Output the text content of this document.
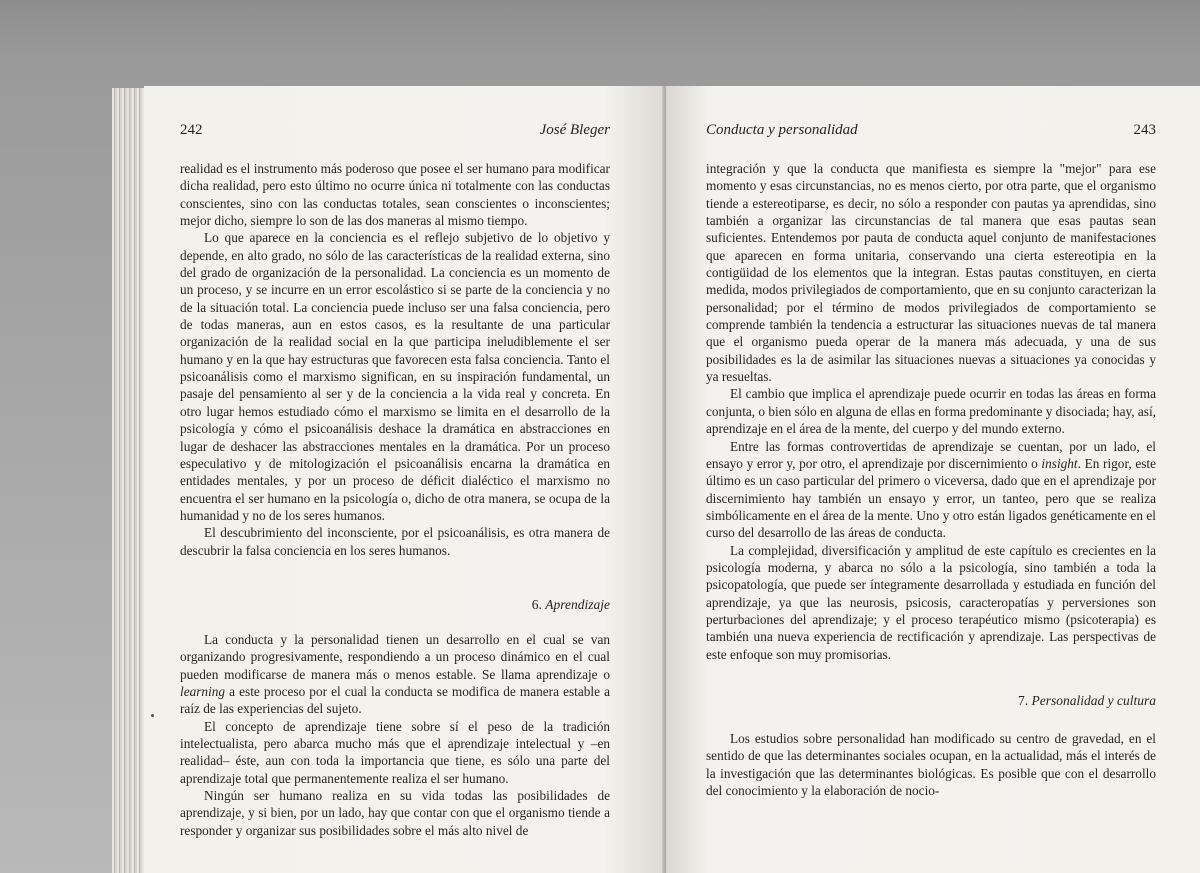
242	José Bleger

realidad es el instrumento más poderoso que posee el ser humano para modificar dicha realidad, pero esto último no ocurre única ni totalmente con las conductas conscientes, sino con las conductas totales, sean conscientes o inconscientes; mejor dicho, siempre lo son de las dos maneras al mismo tiempo.

Lo que aparece en la conciencia es el reflejo subjetivo de lo objetivo y depende, en alto grado, no sólo de las características de la realidad externa, sino del grado de organización de la personalidad. La conciencia es un momento de un proceso, y se incurre en un error escolástico si se parte de la conciencia y no de la situación total. La conciencia puede incluso ser una falsa conciencia, pero de todas maneras, aun en estos casos, es la resultante de una particular organización de la realidad social en la que participa ineludiblemente el ser humano y en la que hay estructuras que favorecen esta falsa conciencia. Tanto el psicoanálisis como el marxismo significan, en su inspiración fundamental, un pasaje del pensamiento al ser y de la conciencia a la vida real y concreta. En otro lugar hemos estudiado cómo el marxismo se limita en el desarrollo de la psicología y cómo el psicoanálisis deshace la dramática en abstracciones en lugar de deshacer las abstracciones mentales en la dramática. Por un proceso especulativo y de mitologización el psicoanálisis encarna la dramática en entidades mentales, y por un proceso de déficit dialéctico el marxismo no encuentra el ser humano en la psicología o, dicho de otra manera, se ocupa de la humanidad y no de los seres humanos.

El descubrimiento del inconsciente, por el psicoanálisis, es otra manera de descubrir la falsa conciencia en los seres humanos.

6. Aprendizaje

La conducta y la personalidad tienen un desarrollo en el cual se van organizando progresivamente, respondiendo a un proceso dinámico en el cual pueden modificarse de manera más o menos estable. Se llama aprendizaje o learning a este proceso por el cual la conducta se modifica de manera estable a raíz de las experiencias del sujeto.

El concepto de aprendizaje tiene sobre sí el peso de la tradición intelectualista, pero abarca mucho más que el aprendizaje intelectual y –en realidad– éste, aun con toda la importancia que tiene, es sólo una parte del aprendizaje total que permanentemente realiza el ser humano.

Ningún ser humano realiza en su vida todas las posibilidades de aprendizaje, y si bien, por un lado, hay que contar con que el organismo tiende a responder y organizar sus posibilidades sobre el más alto nivel de

Conducta y personalidad	243

integración y que la conducta que manifiesta es siempre la "mejor" para ese momento y esas circunstancias, no es menos cierto, por otra parte, que el organismo tiende a estereotiparse, es decir, no sólo a responder con pautas ya aprendidas, sino también a organizar las circunstancias de tal manera que esas pautas sean suficientes. Entendemos por pauta de conducta aquel conjunto de manifestaciones que aparecen en forma unitaria, conservando una cierta estereotipia en la contigüidad de los elementos que la integran. Estas pautas constituyen, en cierta medida, modos privilegiados de comportamiento, que en su conjunto caracterizan la personalidad; por el término de modos privilegiados de comportamiento se comprende también la tendencia a estructurar las situaciones nuevas de tal manera que el organismo pueda operar de la manera más adecuada, y una de sus posibilidades es la de asimilar las situaciones nuevas a situaciones ya conocidas y ya resueltas.

El cambio que implica el aprendizaje puede ocurrir en todas las áreas en forma conjunta, o bien sólo en alguna de ellas en forma predominante y disociada; hay, así, aprendizaje en el área de la mente, del cuerpo y del mundo externo.

Entre las formas controvertidas de aprendizaje se cuentan, por un lado, el ensayo y error y, por otro, el aprendizaje por discernimiento o insight. En rigor, este último es un caso particular del primero o viceversa, dado que en el aprendizaje por discernimiento hay también un ensayo y error, un tanteo, pero que se realiza simbólicamente en el área de la mente. Uno y otro están ligados genéticamente en el curso del desarrollo de las áreas de conducta.

La complejidad, diversificación y amplitud de este capítulo es crecientes en la psicología moderna, y abarca no sólo a la psicología, sino también a toda la psicopatología, que puede ser íntegramente desarrollada y estudiada en función del aprendizaje, ya que las neurosis, psicosis, caracteropatías y perversiones son perturbaciones del aprendizaje; y el proceso terapéutico mismo (psicoterapia) es también una nueva experiencia de rectificación y aprendizaje. Las perspectivas de este enfoque son muy promisorias.

7. Personalidad y cultura

Los estudios sobre personalidad han modificado su centro de gravedad, en el sentido de que las determinantes sociales ocupan, en la actualidad, más el interés de la investigación que las determinantes biológicas. Es posible que con el desarrollo del conocimiento y la elaboración de nocio-
